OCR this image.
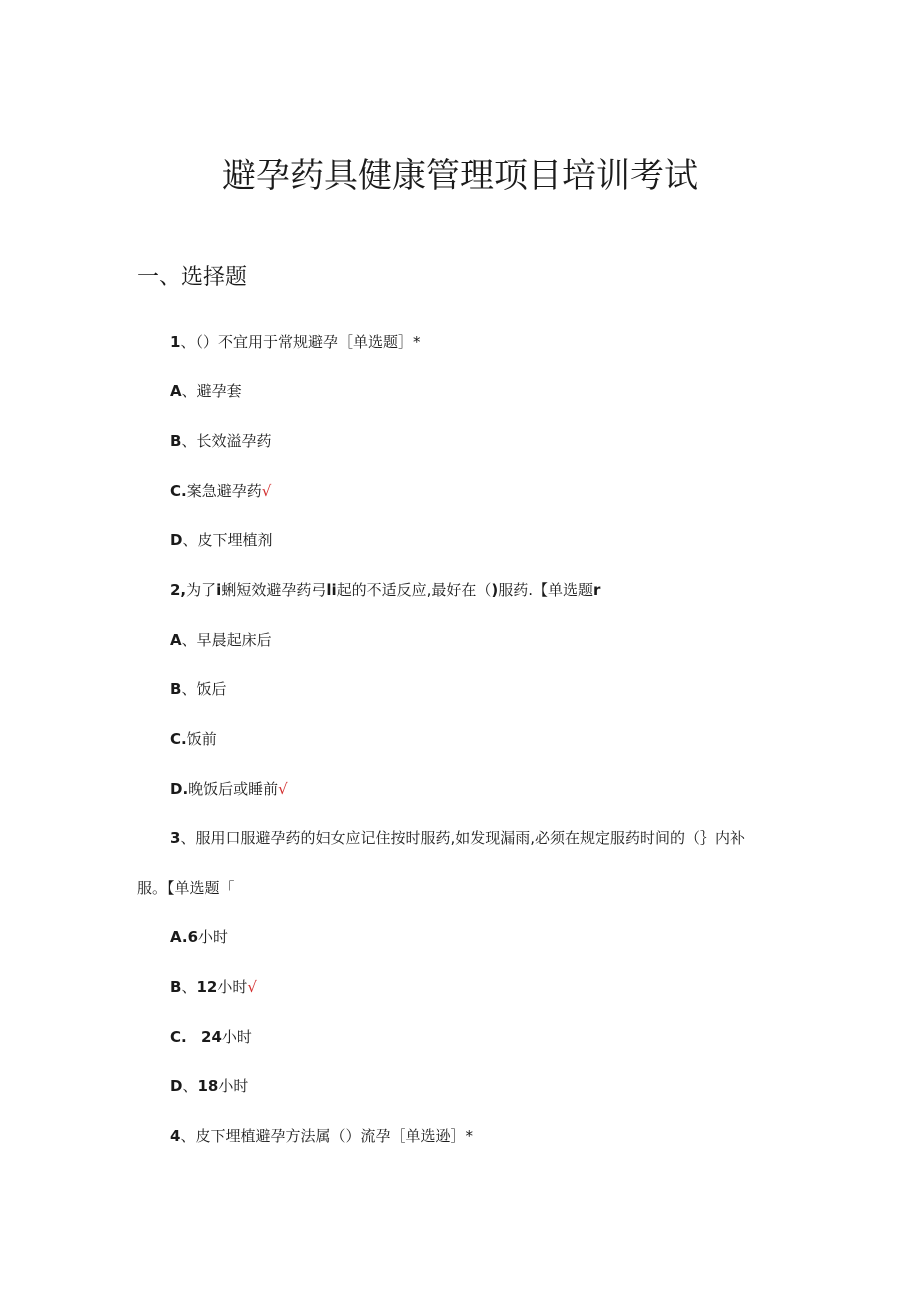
避孕药具健康管理项目培训考试
一、选择题
1、（）不宜用于常规避孕［单选题］*
A、避孕套
B、长效溢孕药
C.案急避孕药√
D、皮下埋植剂
2,为了i蜊短效避孕药弓li起的不适反应,最好在（)服药.【单选题r
A、早晨起床后
B、饭后
C.饭前
D.晚饭后或睡前√
3、服用口服避孕药的妇女应记住按时服药,如发现漏雨,必须在规定服药时间的（｝内补
服。【单选题「
A.6小时
B、12小时√
C. 24小时
D、18小时
4、皮下埋植避孕方法属（）流孕［单选逊］*
